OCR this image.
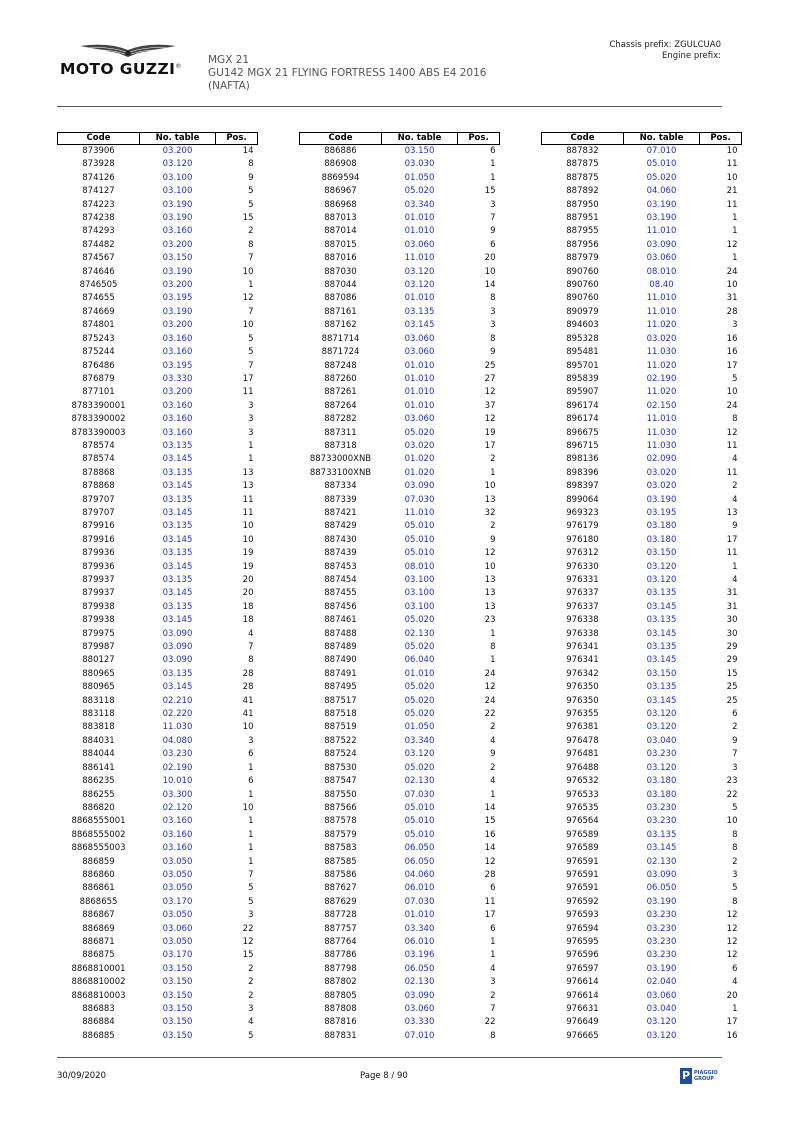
MOTO GUZZI®
MGX 21
GU142 MGX 21 FLYING FORTRESS 1400 ABS E4 2016
(NAFTA)
Chassis prefix: ZGULCUA0
Engine prefix:
Code	No. table	Pos.
873906	03.200	14
873928	03.120	8
874126	03.100	9
874127	03.100	5
874223	03.190	5
874238	03.190	15
874293	03.160	2
874482	03.200	8
874567	03.150	7
874646	03.190	10
8746505	03.200	1
874655	03.195	12
874669	03.190	7
874801	03.200	10
875243	03.160	5
875244	03.160	5
876486	03.195	7
876879	03.330	17
877101	03.200	11
8783390001	03.160	3
8783390002	03.160	3
8783390003	03.160	3
878574	03.135	1
878574	03.145	1
878868	03.135	13
878868	03.145	13
879707	03.135	11
879707	03.145	11
879916	03.135	10
879916	03.145	10
879936	03.135	19
879936	03.145	19
879937	03.135	20
879937	03.145	20
879938	03.135	18
879938	03.145	18
879975	03.090	4
879987	03.090	7
880127	03.090	8
880965	03.135	28
880965	03.145	28
883118	02.210	41
883118	02.220	41
883818	11.030	10
884031	04.080	3
884044	03.230	6
886141	02.190	1
886235	10.010	6
886255	03.300	1
886820	02.120	10
8868555001	03.160	1
8868555002	03.160	1
8868555003	03.160	1
886859	03.050	1
886860	03.050	7
886861	03.050	5
8868655	03.170	5
886867	03.050	3
886869	03.060	22
886871	03.050	12
886875	03.170	15
8868810001	03.150	2
8868810002	03.150	2
8868810003	03.150	2
886883	03.150	3
886884	03.150	4
886885	03.150	5
Code	No. table	Pos.
886886	03.150	6
886908	03.030	1
8869594	01.050	1
886967	05.020	15
886968	03.340	3
887013	01.010	7
887014	01.010	9
887015	03.060	6
887016	11.010	20
887030	03.120	10
887044	03.120	14
887086	01.010	8
887161	03.135	3
887162	03.145	3
8871714	03.060	8
8871724	03.060	9
887248	01.010	25
887260	01.010	27
887261	01.010	12
887264	01.010	37
887282	03.060	12
887311	05.020	19
887318	03.020	17
88733000XNB	01.020	2
88733100XNB	01.020	1
887334	03.090	10
887339	07.030	13
887421	11.010	32
887429	05.010	2
887430	05.010	9
887439	05.010	12
887453	08.010	10
887454	03.100	13
887455	03.100	13
887456	03.100	13
887461	05.020	23
887488	02.130	1
887489	05.020	8
887490	06.040	1
887491	01.010	24
887495	05.020	12
887517	05.020	24
887518	05.020	22
887519	01.050	2
887522	03.340	4
887524	03.120	9
887530	05.020	2
887547	02.130	4
887550	07.030	1
887566	05.010	14
887578	05.010	15
887579	05.010	16
887583	06.050	14
887585	06.050	12
887586	04.060	28
887627	06.010	6
887629	07.030	11
887728	01.010	17
887757	03.340	6
887764	06.010	1
887786	03.196	1
887798	06.050	4
887802	02.130	3
887805	03.090	2
887808	03.060	7
887816	03.330	22
887831	07.010	8
Code	No. table	Pos.
887832	07.010	10
887875	05.010	11
887875	05.020	10
887892	04.060	21
887950	03.190	11
887951	03.190	1
887955	11.010	1
887956	03.090	12
887979	03.060	1
890760	08.010	24
890760	08.40	10
890760	11.010	31
890979	11.010	28
894603	11.020	3
895328	03.020	16
895481	11.030	16
895701	11.020	17
895839	02.190	5
895907	11.020	10
896174	02.150	24
896174	11.010	8
896675	11.030	12
896715	11.030	11
898136	02.090	4
898396	03.020	11
898397	03.020	2
899064	03.190	4
969323	03.195	13
976179	03.180	9
976180	03.180	17
976312	03.150	11
976330	03.120	1
976331	03.120	4
976337	03.135	31
976337	03.145	31
976338	03.135	30
976338	03.145	30
976341	03.135	29
976341	03.145	29
976342	03.150	15
976350	03.135	25
976350	03.145	25
976355	03.120	6
976381	03.120	2
976478	03.040	9
976481	03.230	7
976488	03.120	3
976532	03.180	23
976533	03.180	22
976535	03.230	5
976564	03.230	10
976589	03.135	8
976589	03.145	8
976591	02.130	2
976591	03.090	3
976591	06.050	5
976592	03.190	8
976593	03.230	12
976594	03.230	12
976595	03.230	12
976596	03.230	12
976597	03.190	6
976614	02.040	4
976614	03.060	20
976631	03.040	1
976649	03.120	17
976665	03.120	16
30/09/2020	Page 8 / 90	P PIAGGIO
GROUP
